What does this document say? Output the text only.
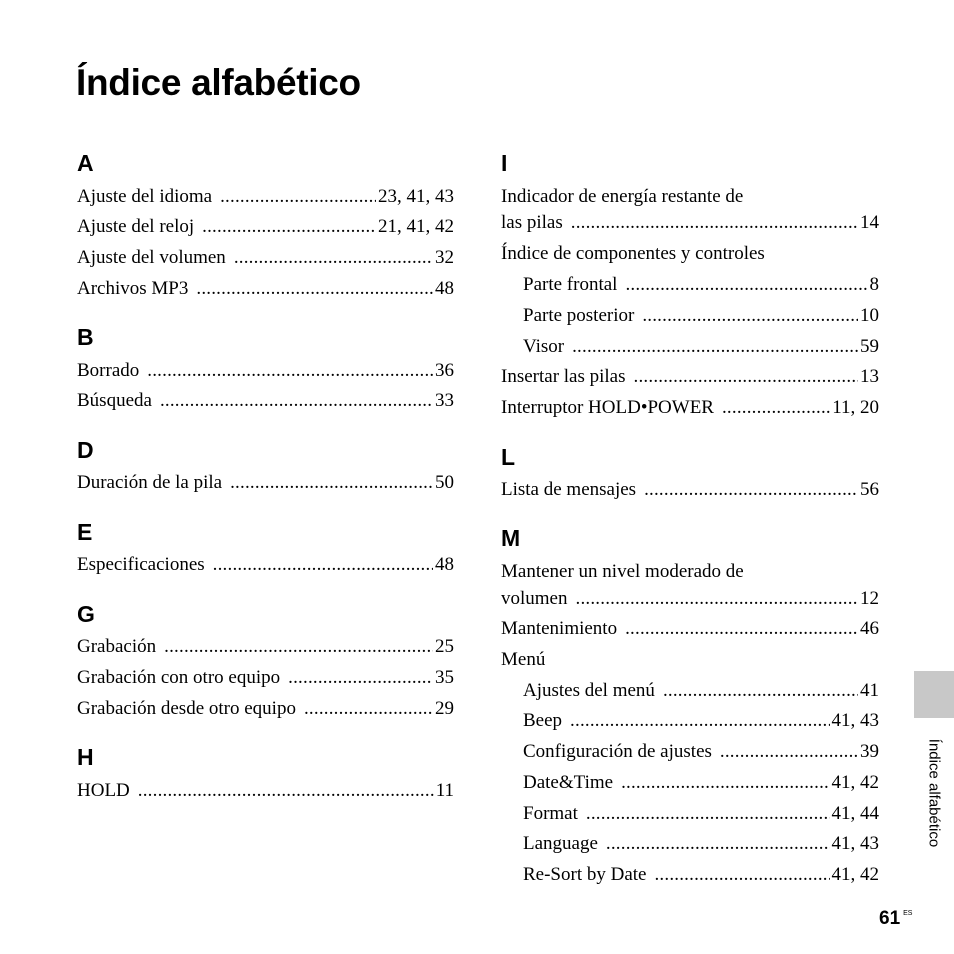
Índice alfabético
A
Ajuste del idioma .....	23, 41, 43
Ajuste del reloj .....	21, 41, 42
Ajuste del volumen .....	32
Archivos MP3 .....	48
B
Borrado .....	36
Búsqueda .....	33
D
Duración de la pila .....	50
E
Especificaciones .....	48
G
Grabación .....	25
Grabación con otro equipo .....	35
Grabación desde otro equipo .....	29
H
HOLD .....	11
I
Indicador de energía restante de
las pilas .....	14
Índice de componentes y controles
Parte frontal .....	8
Parte posterior .....	10
Visor .....	59
Insertar las pilas .....	13
Interruptor HOLD•POWER .....	11, 20
L
Lista de mensajes .....	56
M
Mantener un nivel moderado de
volumen .....	12
Mantenimiento .....	46
Menú
Ajustes del menú .....	41
Beep .....	41, 43
Configuración de ajustes .....	39
Date&Time .....	41, 42
Format .....	41, 44
Language .....	41, 43
Re-Sort by Date .....	41, 42
Índice alfabético
61 $^{ES}$
